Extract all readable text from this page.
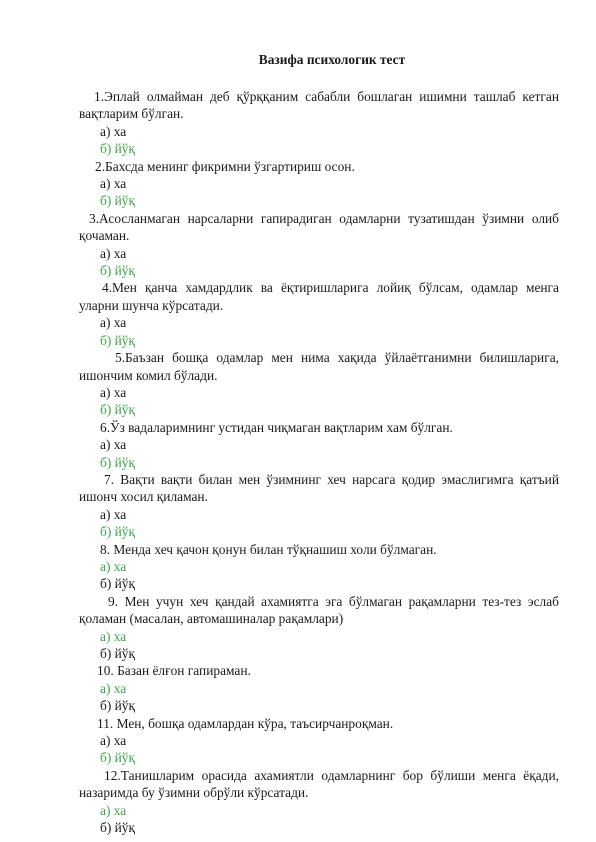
Вазифа психологик тест

1.Эплай олмайман деб қўрққаним сабабли бошлаган ишимни ташлаб кетган вақтларим бўлган.

а) ха

б) йўқ

2.Бахсда менинг фикримни ўзгартириш осон.

а) ха

б) йўқ

3.Асосланмаган нарсаларни гапирадиган одамларни тузатишдан ўзимни олиб қочаман.

а) ха

б) йўқ

4.Мен қанча хамдардлик ва ёқтиришларига лойиқ бўлсам, одамлар менга уларни шунча кўрсатади.

а) ха

б) йўқ

5.Баъзан бошқа одамлар мен нима хақида ўйлаётганимни билишларига, ишончим комил бўлади.

а) ха

б) йўқ

6.Ўз вадаларимнинг устидан чиқмаган вақтларим хам бўлган.

а) ха

б) йўқ

7. Вақти вақти билан мен ўзимнинг хеч нарсага қодир эмаслигимга қатъий ишонч хосил қиламан.

а) ха

б) йўқ

8. Менда хеч қачон қонун билан тўқнашиш холи бўлмаган.

а) ха

б) йўқ

9. Мен учун хеч қандай ахамиятга эга бўлмаган рақамларни тез-тез эслаб қоламан (масалан, автомашиналар рақамлари)

а) ха

б) йўқ

10. Базан ёлғон гапираман.

а) ха

б) йўқ

11. Мен, бошқа одамлардан кўра, таъсирчанроқман.

а) ха

б) йўқ

12.Танишларим орасида ахамиятли одамларнинг бор бўлиши менга ёқади, назаримда бу ўзимни обрўли кўрсатади.

а) ха

б) йўқ
